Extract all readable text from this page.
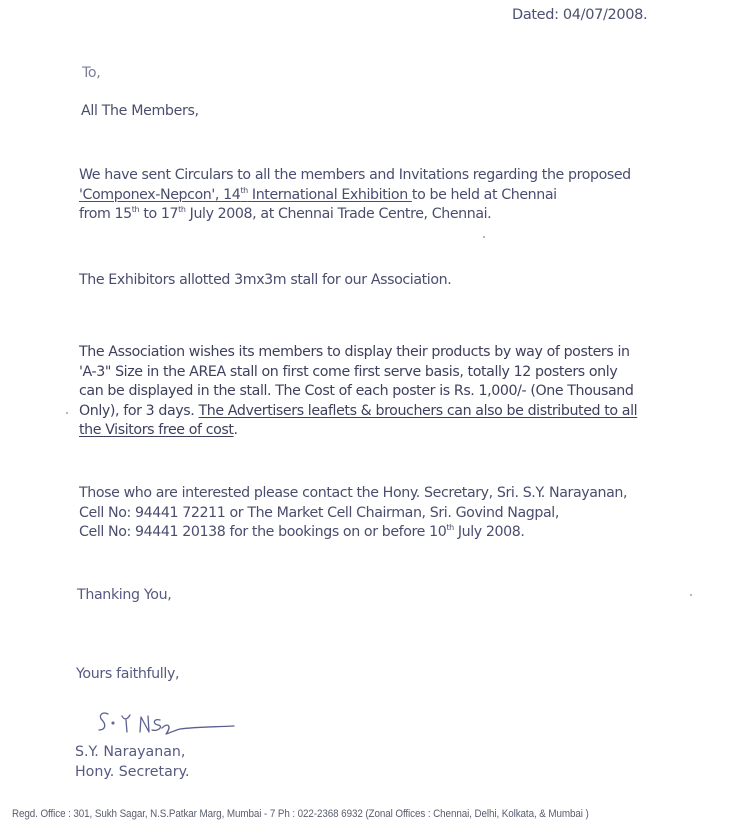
Dated: 04/07/2008.
To,
All The Members,
We have sent Circulars to all the members and Invitations regarding the proposed
'Componex-Nepcon', 14th International Exhibition to be held at Chennai
from 15th to 17th July 2008, at Chennai Trade Centre, Chennai.
The Exhibitors allotted 3mx3m stall for our Association.
The Association wishes its members to display their products by way of posters in
'A-3" Size in the AREA stall on first come first serve basis, totally 12 posters only
can be displayed in the stall. The Cost of each poster is Rs. 1,000/- (One Thousand
Only), for 3 days. The Advertisers leaflets & brouchers can also be distributed to all
the Visitors free of cost.
Those who are interested please contact the Hony. Secretary, Sri. S.Y. Narayanan,
Cell No: 94441 72211 or The Market Cell Chairman, Sri. Govind Nagpal,
Cell No: 94441 20138 for the bookings on or before 10th July 2008.
Thanking You,
Yours faithfully,
S.Y. Narayanan,
Hony. Secretary.
Regd. Office : 301, Sukh Sagar, N.S.Patkar Marg, Mumbai - 7 Ph : 022-2368 6932 (Zonal Offices : Chennai, Delhi, Kolkata, & Mumbai )
